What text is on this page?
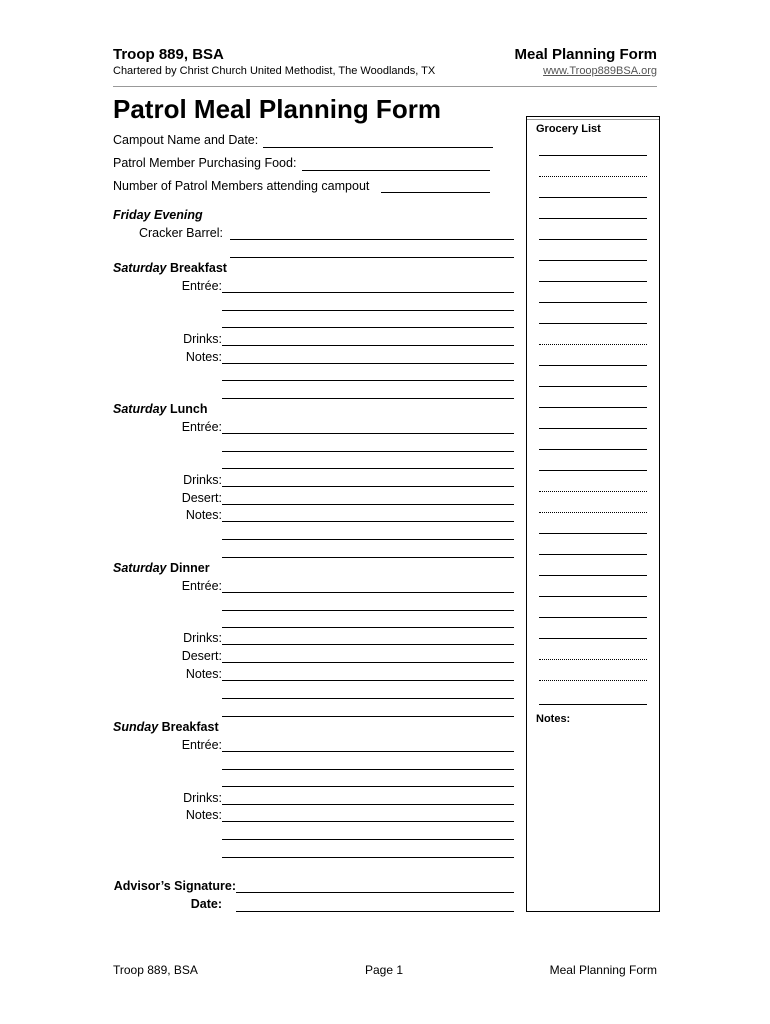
Troop 889, BSA
Chartered by Christ Church United Methodist, The Woodlands, TX
Meal Planning Form
www.Troop889BSA.org
Patrol Meal Planning Form
Campout Name and Date:
Patrol Member Purchasing Food:
Number of Patrol Members attending campout
Friday Evening
Cracker Barrel:
Saturday Breakfast
Entrée:
Drinks:
Notes:
Saturday Lunch
Entrée:
Drinks:
Desert:
Notes:
Saturday Dinner
Entrée:
Drinks:
Desert:
Notes:
Sunday Breakfast
Entrée:
Drinks:
Notes:
Advisor’s Signature:
Date:
Grocery List
Notes:
Troop 889, BSA	Page 1	Meal Planning Form
